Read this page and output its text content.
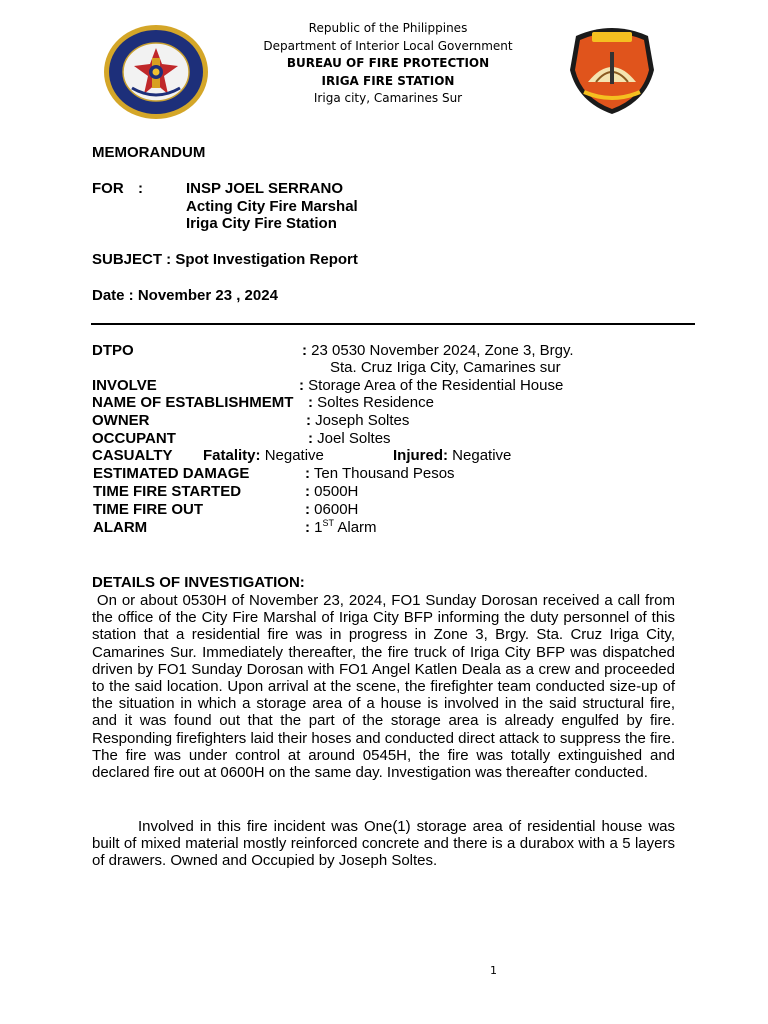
Republic of the Philippines
Department of Interior Local Government
BUREAU OF FIRE PROTECTION
IRIGA FIRE STATION
Iriga city, Camarines Sur
MEMORANDUM
FOR :	INSP JOEL SERRANO
Acting City Fire Marshal
Iriga City Fire Station
SUBJECT : Spot Investigation Report
Date : November 23 , 2024
DTPO	: 23 0530 November 2024, Zone 3, Brgy.
Sta. Cruz Iriga City, Camarines sur
INVOLVE	: Storage Area of the Residential House
NAME OF ESTABLISHMEMT : Soltes Residence
OWNER	: Joseph Soltes
OCCUPANT	: Joel Soltes
CASUALTY Fatality: Negative	Injured: Negative
ESTIMATED DAMAGE	: Ten Thousand Pesos
TIME FIRE STARTED	: 0500H
TIME FIRE OUT	: 0600H
ALARM	: 1ST Alarm
DETAILS OF INVESTIGATION:
On or about 0530H of November 23, 2024, FO1 Sunday Dorosan received a call from the office of the City Fire Marshal of Iriga City BFP informing the duty personnel of this station that a residential fire was in progress in Zone 3, Brgy. Sta. Cruz Iriga City, Camarines Sur. Immediately thereafter, the fire truck of Iriga City BFP was dispatched driven by FO1 Sunday Dorosan with FO1 Angel Katlen Deala as a crew and proceeded to the said location. Upon arrival at the scene, the firefighter team conducted size-up of the situation in which a storage area of a house is involved in the said structural fire, and it was found out that the part of the storage area is already engulfed by fire. Responding firefighters laid their hoses and conducted direct attack to suppress the fire. The fire was under control at around 0545H, the fire was totally extinguished and declared fire out at 0600H on the same day. Investigation was thereafter conducted.
Involved in this fire incident was One(1) storage area of residential house was built of mixed material mostly reinforced concrete and there is a durabox with a 5 layers of drawers. Owned and Occupied by Joseph Soltes.
1
